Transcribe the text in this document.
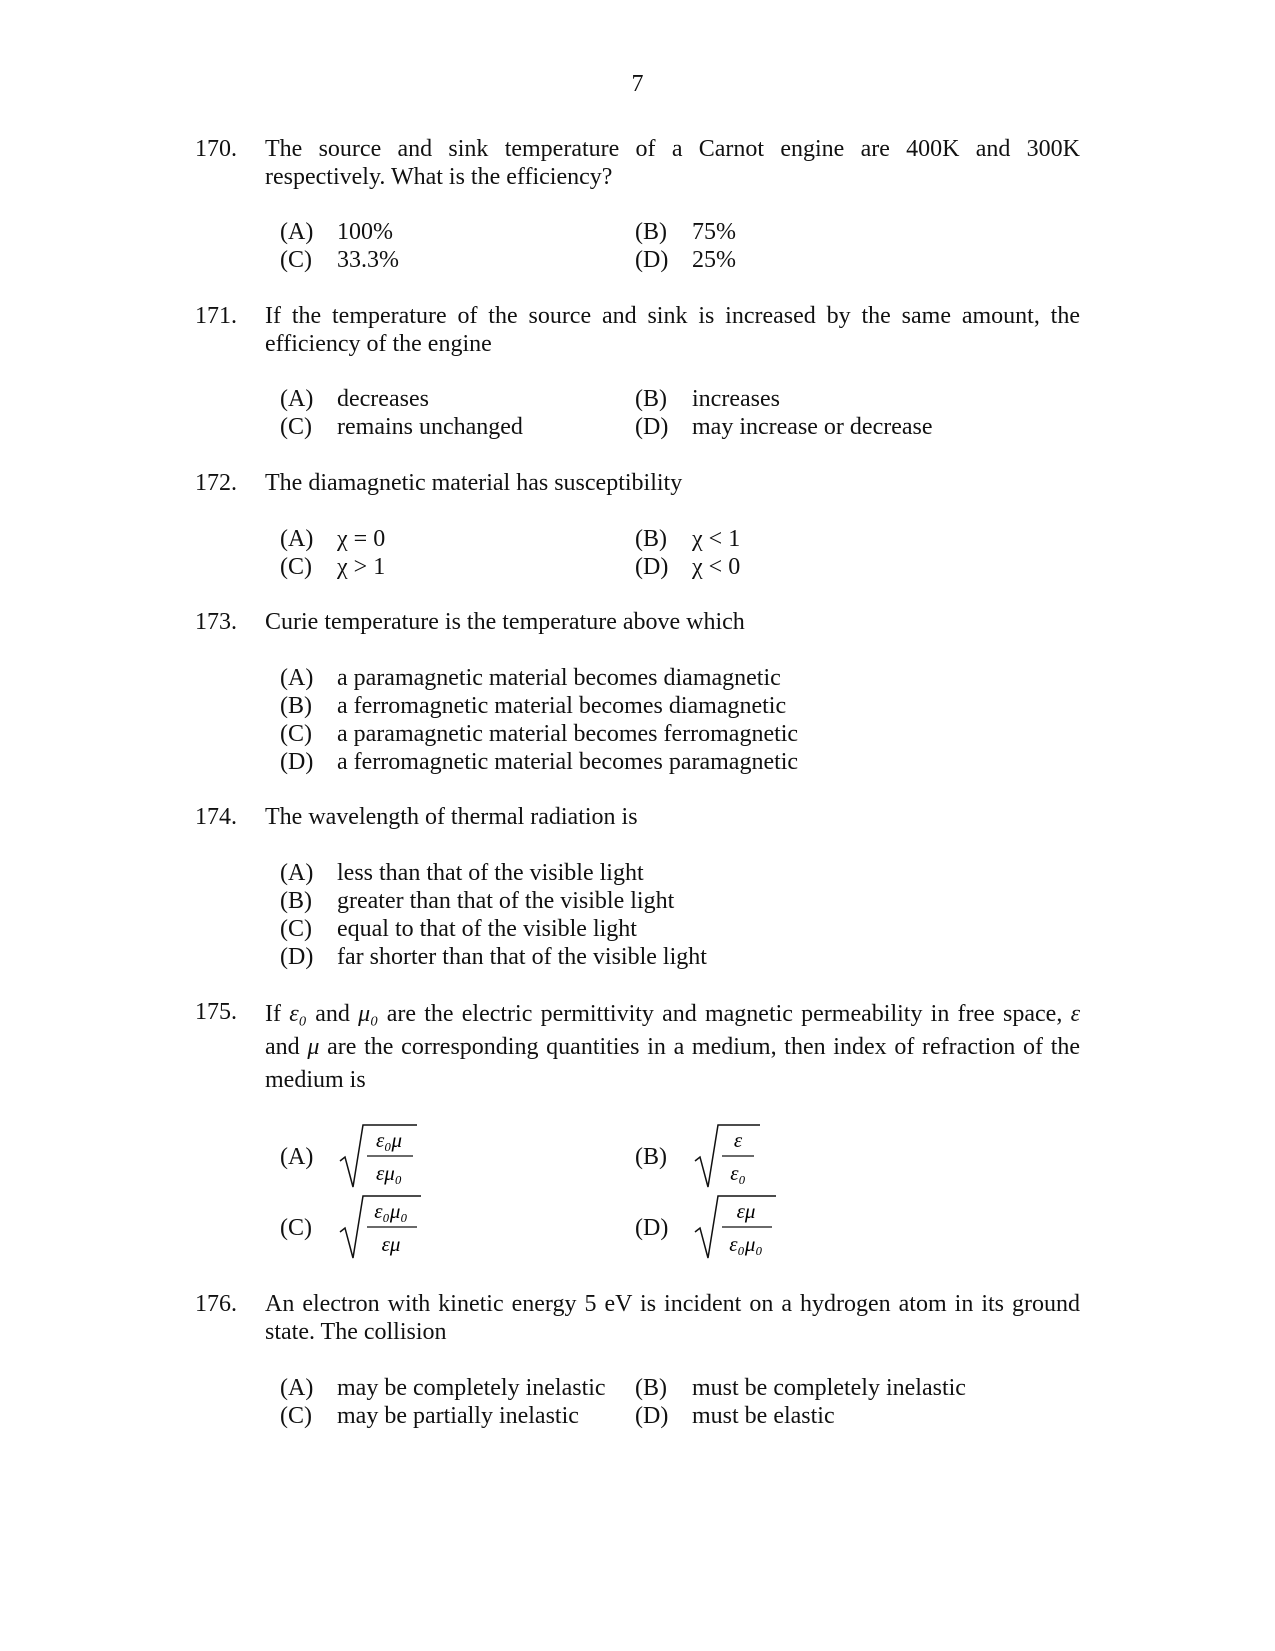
7
170.	The source and sink temperature of a Carnot engine are 400K and 300K respectively. What is the efficiency?
(A) 100%	(B) 75%
(C) 33.3%	(D) 25%
171.	If the temperature of the source and sink is increased by the same amount, the efficiency of the engine
(A) decreases	(B) increases
(C) remains unchanged	(D) may increase or decrease
172.	The diamagnetic material has susceptibility
(A) χ = 0	(B) χ < 1
(C) χ > 1	(D) χ < 0
173.	Curie temperature is the temperature above which
(A) a paramagnetic material becomes diamagnetic
(B) a ferromagnetic material becomes diamagnetic
(C) a paramagnetic material becomes ferromagnetic
(D) a ferromagnetic material becomes paramagnetic
174.	The wavelength of thermal radiation is
(A) less than that of the visible light
(B) greater than that of the visible light
(C) equal to that of the visible light
(D) far shorter than that of the visible light
175.	If ε₀ and μ₀ are the electric permittivity and magnetic permeability in free space, ε and μ are the corresponding quantities in a medium, then index of refraction of the medium is
(A)
ε₀μ
εμ₀
(B)
ε
ε₀
(C)
ε₀μ₀
εμ
(D)
εμ
ε₀μ₀
176.	An electron with kinetic energy 5 eV is incident on a hydrogen atom in its ground state. The collision
(A) may be completely inelastic (B) must be completely inelastic
(C) may be partially inelastic (D) must be elastic
